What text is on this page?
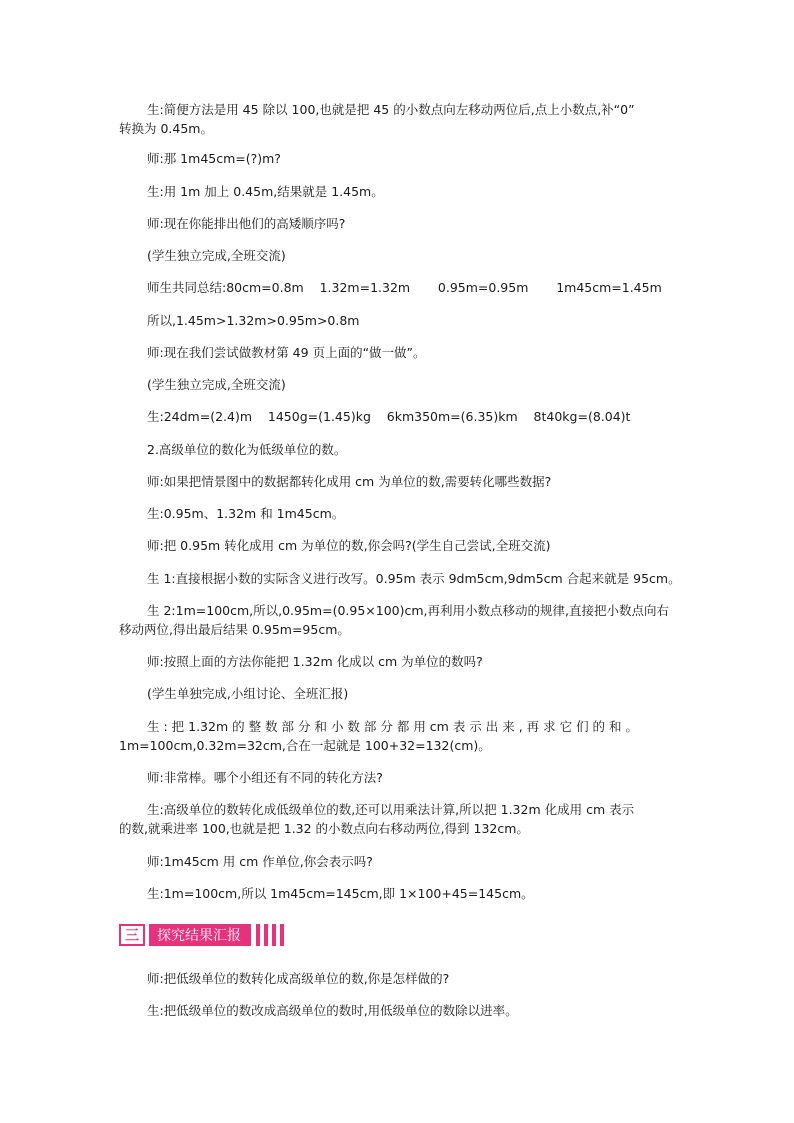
生:简便方法是用 45 除以 100,也就是把 45 的小数点向左移动两位后,点上小数点,补“0”
转换为 0.45m。
师:那 1m45cm=(?)m?
生:用 1m 加上 0.45m,结果就是 1.45m。
师:现在你能排出他们的高矮顺序吗?
(学生独立完成,全班交流)
师生共同总结:80cm=0.8m    1.32m=1.32m       0.95m=0.95m       1m45cm=1.45m
所以,1.45m>1.32m>0.95m>0.8m
师:现在我们尝试做教材第 49 页上面的“做一做”。
(学生独立完成,全班交流)
生:24dm=(2.4)m    1450g=(1.45)kg    6km350m=(6.35)km    8t40kg=(8.04)t
2.高级单位的数化为低级单位的数。
师:如果把情景图中的数据都转化成用 cm 为单位的数,需要转化哪些数据?
生:0.95m、1.32m 和 1m45cm。
师:把 0.95m 转化成用 cm 为单位的数,你会吗?(学生自己尝试,全班交流)
生 1:直接根据小数的实际含义进行改写。0.95m 表示 9dm5cm,9dm5cm 合起来就是 95cm。
生 2:1m=100cm,所以,0.95m=(0.95×100)cm,再利用小数点移动的规律,直接把小数点向右
移动两位,得出最后结果 0.95m=95cm。
师:按照上面的方法你能把 1.32m 化成以 cm 为单位的数吗?
(学生单独完成,小组讨论、全班汇报)
生 : 把 1.32m 的 整 数 部 分 和 小 数 部 分 都 用 cm 表 示 出 来 , 再 求 它 们 的 和 。
1m=100cm,0.32m=32cm,合在一起就是 100+32=132(cm)。
师:非常棒。哪个小组还有不同的转化方法?
生:高级单位的数转化成低级单位的数,还可以用乘法计算,所以把 1.32m 化成用 cm 表示
的数,就乘进率 100,也就是把 1.32 的小数点向右移动两位,得到 132cm。
师:1m45cm 用 cm 作单位,你会表示吗?
生:1m=100cm,所以 1m45cm=145cm,即 1×100+45=145cm。
三	探究结果汇报
师:把低级单位的数转化成高级单位的数,你是怎样做的?
生:把低级单位的数改成高级单位的数时,用低级单位的数除以进率。
